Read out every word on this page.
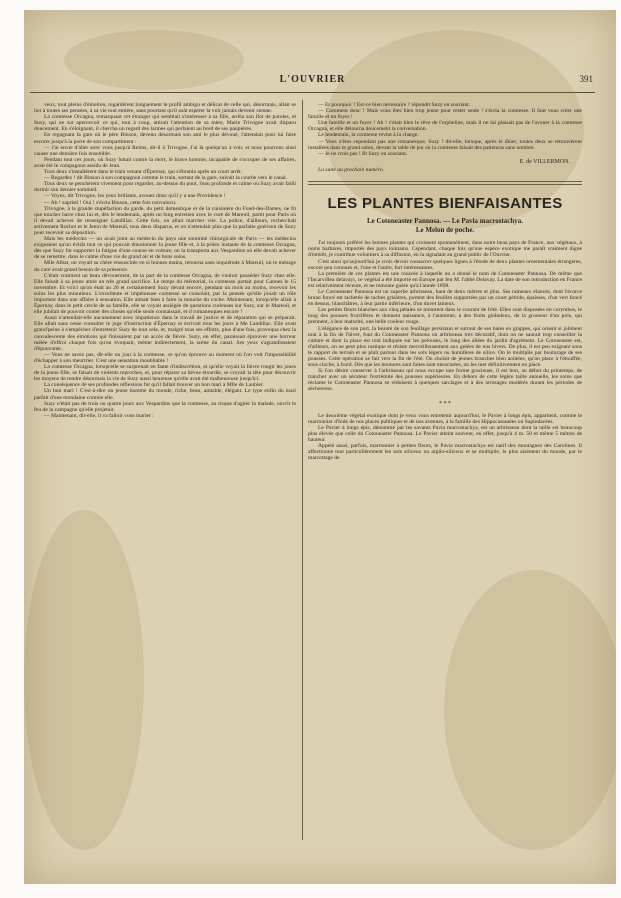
L'OUVRIER	391

veux, tout pleins d'émotion, regardèrent longuement le profil ambigu et délicat de celle qui, désormais, allait se lier à toutes ses pensées, à sa vie tout entière, sans pourtant qu'il osât espérer la voir jamais devenir sienne.

La comtesse Orcagna, remarquant cet étranger qui semblait s'intéresser à sa fille, arrêta son flot de paroles, et Suzy, qui ne sut apercevoir ce qui, tout à coup, attirait l'attention de sa mère, Marie Trivogne avait disparu doucement. En s'éloignant, il chercha un regard des larmes qui perlaient au bord de ses paupières.

En regagnant la gare où le père Binson, devenu désormais son ami le plus dévoué, l'attendait pour lui faire escorte jusqu'à la porte de son compartiment :

— J'ai envie d'aller avec vous jusqu'à Reims, dit-il à Trivogne. J'ai là quelqu'un à voir, et nous pourrons ainsi causer une dernière fois ensemble.

Pendant tout ces jours, où Suzy luttait contre la mort, le brave homme, incapable de s'occuper de ses affaires, avait été le compagnon assidu de Jean.

Tous deux s'installèrent dans le train venant d'Épernay, qui s'ébranla après un court arrêt.

— Regardez ! dit Binson à son compagnon comme le train, sortant de la gare, suivait la courbe vers le canal.

Tous deux se penchèrent vivement pour regarder, au-dessus du pont, l'eau profonde et calme où Suzy avait failli dormir son dernier sommeil.

— Voyez, dit Trivogne, les yeux brillants, avouez donc qu'il y a une Providence !

— Ah ! sapristi ! Oui ! s'écria Binson, cette fois convaincu.

Trivogne, à la grande stupéfaction du garde, du petit domestique et de la cuisinière du Fond-des-Dames, ne fit que toucher barre chez lui et, dès le lendemain, après un long entretien avec le curé de Mareuil, partit pour Paris où il devait achever de renseigner Landillac. Cette fois, on allait marcher vite. La police, d'ailleurs, recherchait activement Ruchot et le Jeton de Mareuil, tous deux disparus, et on n'attendait plus que la parfaite guérison de Suzy pour recevoir sa déposition.

Mais les médecins — on avait joint au médecin du pays une sommité chirurgicale de Paris — les médecins exigeaient qu'on évitât tout ce qui pouvait émotionner la jeune fille et, à la prière instante de la comtesse Orcagna, dès que Suzy fut supporter la fatigue d'une course en voiture, on la transporta aux Vespardins où elle devait achever de se remettre, dans le calme d'une vie de grand air et de bons soins.

Mlle Albat, on voyait sa chère ressuscitée en si bonnes mains, retourna sans inquiétude à Mareuil, où le ménage du curé avait grand besoin de sa présence.

C'était vraiment un beau dévouement, de la part de la comtesse Orcagna, de vouloir posséder Suzy chez elle. Elle faisait à sa jeune amie un très grand sacrifice. Le temps du mémorial, la comtesse partait pour Cannes le 15 novembre. Et voici qu'on était au 20 et certainement Suzy devait encore, pendant un mois au moins, recevoir les soins les plus minutieux. L'excellente et impétueuse comtesse se consolait, par la pensée qu'elle jouait un rôle important dans une affaire à sensation. Elle aimait bien à faire la mouche du coche. Maintenant, lorsqu'elle allait à Épernay, dans le petit cercle de sa famille, elle se voyait assiégée de questions curieuses sur Suzy, sur le Mareuil, et elle jubilait de pouvoir conter des choses qu'elle seule connaissait, et il romanesques encore !

Aussi n'attendait-elle aucunement avec impatience dans le travail de justice et de réparation qui se préparait. Elle allait sans cesse consulter le juge d'instruction d'Épernay et écrivait tous les jours à Me Landillac. Elle avait grand'peine à s'empêcher d'entretenir Suzy de tout cela, et, malgré tous ses efforts, plus d'une fois, provoqua chez la convalescente des émotions qui finissaient par un accès de fièvre. Suzy, en effet, paraissait éprouver une horreur mêlée d'effroi chaque fois qu'on évoquait, même indirectement, la scène du canal. Ses yeux s'agrandissaient d'épouvante.

— Vous ne savez pas, dit-elle un jour à la comtesse, ce qu'on éprouve au moment où l'on voit l'impossibilité d'échapper à son meurtrier. C'est une sensation inoubliable !

La comtesse Orcagna, lorsqu'elle se surprenait en faute d'indiscrétion, et qu'elle voyait la fièvre rougir les joues de la jeune fille, se faisait de violents reproches, et, pour réparer sa bévue étourdie, se croyait la tête pour découvrir les moyens de rendre désormais la vie de Suzy aussi heureuse qu'elle avait été malheureuse jusqu'ici.

La conséquence de ses profondes réflexions fut qu'il fallait trouver un bon mari à Mlle de Laubier.

Un bon mari ! C'est-à-dire un jeune homme du monde, riche, beau, aimable, élégant. Le type enfin du mari parfait d'une mondaine comme elle.

Suzy n'était pas de trois ou quatre jours aux Vespardins que la comtesse, au risque d'agiter la malade, ouvrit le feu de la campagne qu'elle projetait.

— Maintenant, dit-elle, il va falloir vous marier :

— Et pourquoi ? Est-ce bien nécessaire ? répondit Suzy en souriant.

— Comment donc ! Mais vous êtes bien trop jeune pour rester seule ! s'écria la comtesse. Il faut vous créer une famille et un foyer !

Une famille et un foyer ! Ah ! c'était bien le rêve de l'orpheline, mais il ne lui plaisait pas de l'avouer à la comtesse Orcagna, et elle détourna doucement la conversation.

Le lendemain, la comtesse revint à la charge.

— Vous n'êtes cependant pas une romanesque, Suzy ! dit-elle, lorsque, après le dîner, toutes deux se retrouvèrent installées dans le grand salon, devant la table de jeu où la comtesse faisait des patiences sans nombre.

— Je ne crois pas ! fit Suzy en souriant.

E. de VILLERMON.
La suite au prochain numéro.
LES PLANTES BIENFAISANTES
Le Cotoneaster Pannosa. — Le Pavia macrostachya.
Le Melon de poche.

J'ai toujours préféré les bonnes plantes qui croissent spontanément, dans notre beau pays de France, aux végétaux, à noms barbares, importés des pays lointains. Cependant, chaque fois qu'une espèce exotique me paraît vraiment digne d'intérêt, je contribue volontiers à sa diffusion, en la signalant au grand public de l'Ouvrier.

C'est ainsi qu'aujourd'hui je crois devoir consacrer quelques lignes à l'étude de deux plantes ornementales étrangères, encore peu connues et, l'une et l'autre, fort intéressantes.

La première de ces plantes est une rosacée à laquelle on a donné le nom de Cotoneaster Pannosa. De même que l'Incarvillea delavayi, ce végétal a été importé en Europe par feu M. l'abbé Delavay. La date de son introduction en France est relativement récente, et ne remonte guère qu'à l'année 1898.

Le Cotoneaster Pannosa est un superbe arbrisseau, haut de deux mètres et plus. Ses rameaux élancés, dont l'écorce brune foncé est tachetée de taches grisâtres, portent des feuilles supportées par un court pétiole, épaisses, d'un vert foncé en dessus, blanchâtres, à leur partie inférieure, d'un duvet laineux.

Les petites fleurs blanches aux cinq pétales se montrent dans le courant de l'été. Elles sont disposées en corymbes, le long des pousses fructifères et donnent naissance, à l'automne, à des fruits globuleux, de la grosseur d'un pois, qui prennent, à leur maturité, une belle couleur rouge.

L'élégance de son port, la beauté de son feuillage persistant et surtout de ses baies en grappes, qui ornent si joliment tout à la fin de l'hiver, font du Cotoneaster Pannosa un arbrisseau très décoratif, dont on ne saurait trop conseiller la culture et dont la place est tout indiquée sur les pelouses, le long des allées du jardin d'agrément. Le Cotoneaster est, d'ailleurs, on ne peut plus rustique et résiste merveilleusement aux gelées de nos hivers. De plus, il est peu exigeant sous le rapport du terrain et se plaît partout dans les sols légers ou humifères de silice. On le multiplie par bouturage de ses pousses. Cette opération se fait vers la fin de l'été. On choisit de jeunes branches bien aoûtées, qu'on place à l'étouffée, sous cloche, à froid. Dès que les boutures sont faites sont enracinées, on les met définitivement en place.

Si l'on désire conserver à l'arbrisseau qui nous occupe une forme gracieuse, il est bon, au début du printemps, de trancher avec un sécateur l'extrémité des pousses supérieures. En dehors de cette légère taille annuelle, les soins que réclame le Cotoneaster Pannosa se réduisent à quelques sarclages et à des arrosages modérés durant les périodes de sécheresse.

* * *

Le deuxième végétal exotique dont je veux vous entretenir aujourd'hui, le Pavier à longs épis, appartient, comme le marronnier d'Inde de nos places publiques et de nos avenues, à la famille des Hippocastanées ou Sapindacées.

Le Pavier à longs épis, dénommé par les savants Pavia macrostachya, est un arbrisseau dont la taille est beaucoup plus élevée que celle du Cotoneaster Pannosa. Le Pavier atteint souvent, en effet, jusqu'à 4 m. 50 et même 5 mètres de hauteur.

Appelé aussi, parfois, marronnier à petites fleurs, le Pavia macrostachya est natif des montagnes des Carolines. Il affectionne tout particulièrement les sols siliceux ou argilo-siliceux et se multiplie, le plus aisément du monde, par le marcottage de
